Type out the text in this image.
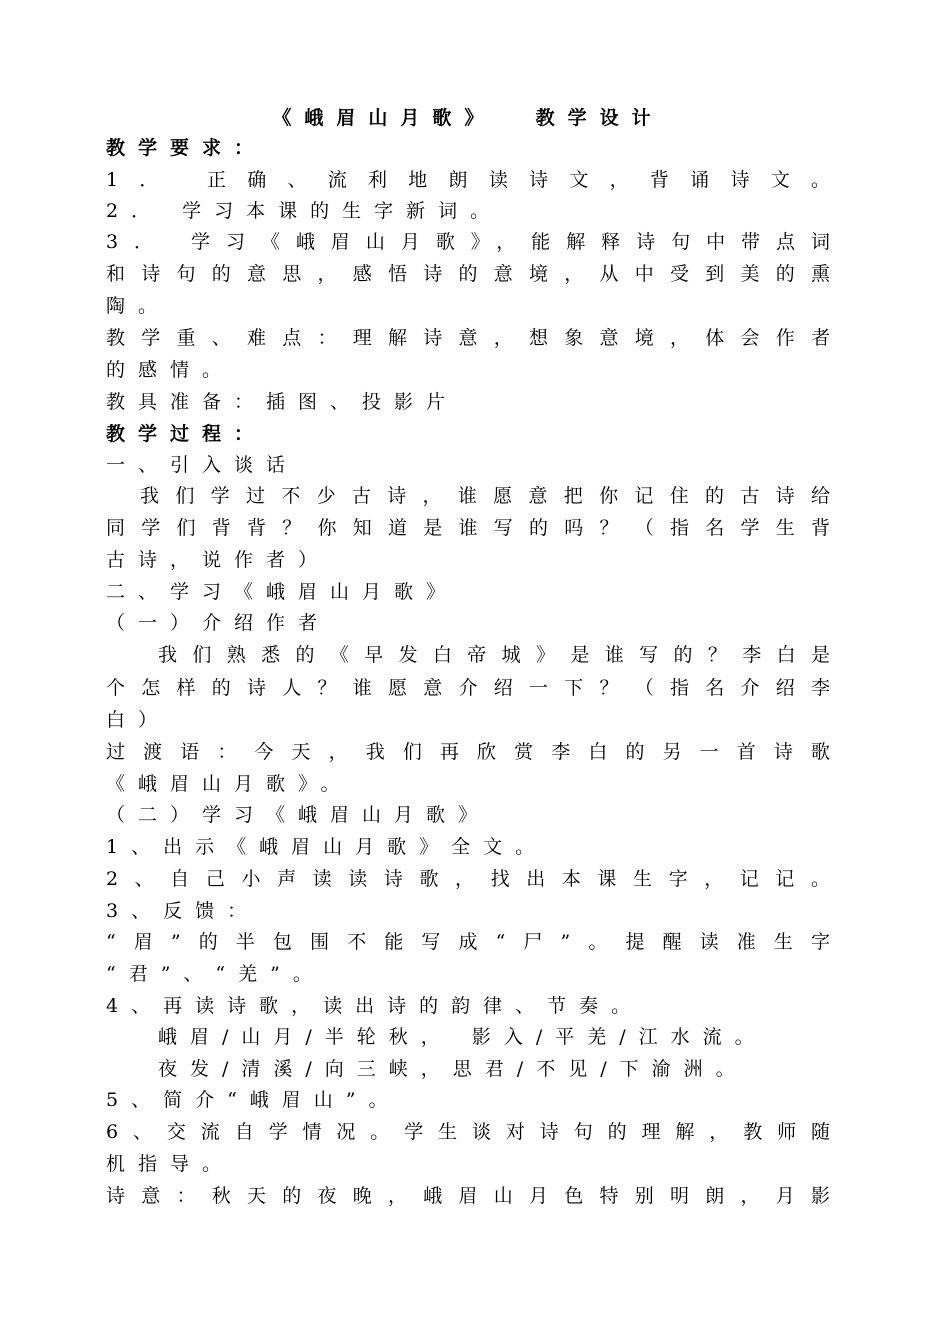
《峨眉山月歌》  教学设计
教学要求：
1． 正确、流利地朗读诗文，背诵诗文。
2． 学习本课的生字新词。
3． 学习《峨眉山月歌》，能解释诗句中带点词
和诗句的意思，感悟诗的意境，从中受到美的熏
陶。
教学重、难点：理解诗意，想象意境，体会作者
的感情。
教具准备：插图、投影片
教学过程：
一、引入谈话
我们学过不少古诗，谁愿意把你记住的古诗给
同学们背背？你知道是谁写的吗？（指名学生背
古诗，说作者）
二、学习《峨眉山月歌》
（一）介绍作者
我们熟悉的《早发白帝城》是谁写的？李白是
个怎样的诗人？谁愿意介绍一下？（指名介绍李
白）
过渡语：今天，我们再欣赏李白的另一首诗歌
《峨眉山月歌》。
（二）学习《峨眉山月歌》
1、出示《峨眉山月歌》全文。
2、自己小声读读诗歌，找出本课生字，记记。
3、反馈：
“眉”的半包围不能写成“尸”。提醒读准生字
“君”、“羌”。
4、再读诗歌，读出诗的韵律、节奏。
峨眉/山月/半轮秋， 影入/平羌/江水流。
夜发/清溪/向三峡，思君/不见/下渝洲。
5、简介“峨眉山”。
6、交流自学情况。学生谈对诗句的理解，教师随
机指导。
诗意：秋天的夜晚，峨眉山月色特别明朗，月影
